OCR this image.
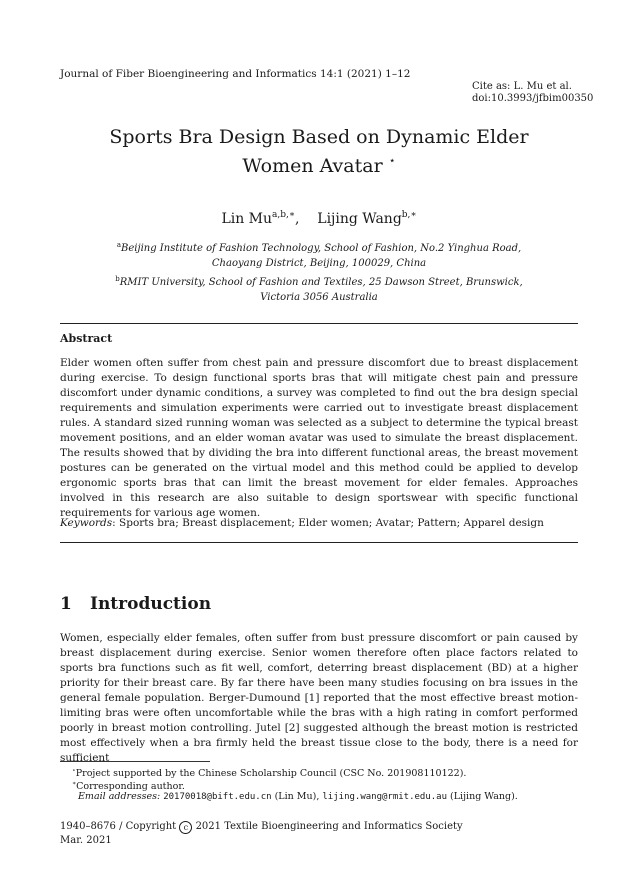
Journal of Fiber Bioengineering and Informatics 14:1 (2021) 1–12
Cite as: L. Mu et al.
doi:10.3993/jfbim00350
Sports Bra Design Based on Dynamic Elder
Women Avatar ⋆
Lin $Mu^{a,b,∗}$, Lijing Wang$^{b,∗}$
$^a$Beijing Institute of Fashion Technology, School of Fashion, No.2 Yinghua Road,
Chaoyang District, Beijing, 100029, China
$^b$RMIT University, School of Fashion and Textiles, 25 Dawson Street, Brunswick,
Victoria 3056 Australia
Abstract
Elder women often suffer from chest pain and pressure discomfort due to breast displacement during exercise. To design functional sports bras that will mitigate chest pain and pressure discomfort under dynamic conditions, a survey was completed to find out the bra design special requirements and simulation experiments were carried out to investigate breast displacement rules. A standard sized running woman was selected as a subject to determine the typical breast movement positions, and an elder woman avatar was used to simulate the breast displacement. The results showed that by dividing the bra into different functional areas, the breast movement postures can be generated on the virtual model and this method could be applied to develop ergonomic sports bras that can limit the breast movement for elder females. Approaches involved in this research are also suitable to design sportswear with specific functional requirements for various age women.
Keywords: Sports bra; Breast displacement; Elder women; Avatar; Pattern; Apparel design
1 Introduction
Women, especially elder females, often suffer from bust pressure discomfort or pain caused by breast displacement during exercise. Senior women therefore often place factors related to sports bra functions such as fit well, comfort, deterring breast displacement (BD) at a higher priority for their breast care. By far there have been many studies focusing on bra issues in the general female population. Berger-Dumound [1] reported that the most effective breast motion-limiting bras were often uncomfortable while the bras with a high rating in comfort performed poorly in breast motion controlling. Jutel [2] suggested although the breast motion is restricted most effectively when a bra firmly held the breast tissue close to the body, there is a need for sufficient
⋆Project supported by the Chinese Scholarship Council (CSC No. 201908110122).
∗Corresponding author.
Email addresses: 20170018@bift.edu.cn (Lin Mu), lijing.wang@rmit.edu.au (Lijing Wang).
1940–8676 / Copyright c 2021 Textile Bioengineering and Informatics Society
Mar. 2021
